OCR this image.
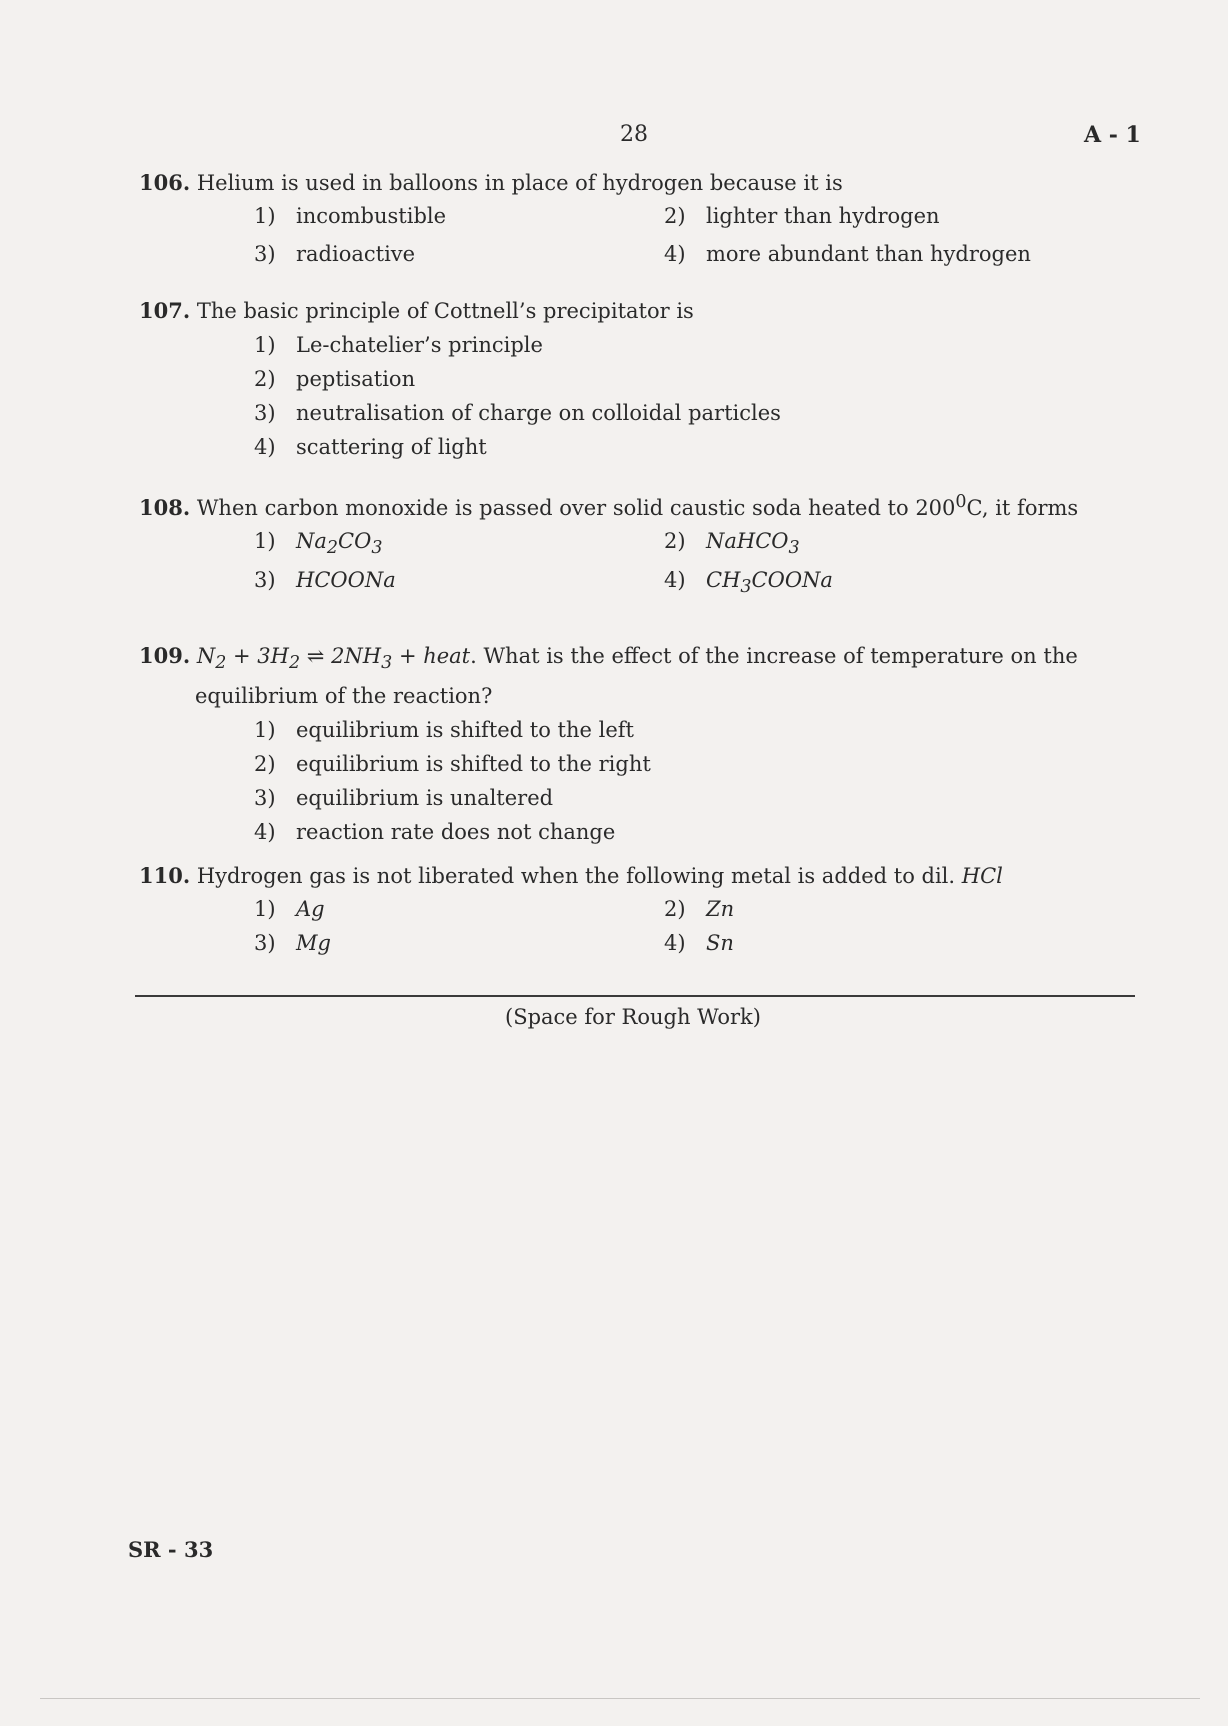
28	A - 1
106. Helium is used in balloons in place of hydrogen because it is
1) incombustible	2) lighter than hydrogen
3) radioactive	4) more abundant than hydrogen
107. The basic principle of Cottnell’s precipitator is
1) Le-chatelier’s principle
2) peptisation
3) neutralisation of charge on colloidal particles
4) scattering of light
108. When carbon monoxide is passed over solid caustic soda heated to $200^0C$, it forms
1) $Na_2CO_3$	2) NaHCO$_3$
3) HCOONa	4) $CH_3COONa$
109. $N_2 + 3H_2$ ⇌ $2NH_3$ + heat. What is the effect of the increase of temperature on the
equilibrium of the reaction?
1) equilibrium is shifted to the left
2) equilibrium is shifted to the right
3) equilibrium is unaltered
4) reaction rate does not change
110. Hydrogen gas is not liberated when the following metal is added to dil. HCl
1) Ag	2) Zn
3) Mg	4) Sn
(Space for Rough Work)
SR - 33
